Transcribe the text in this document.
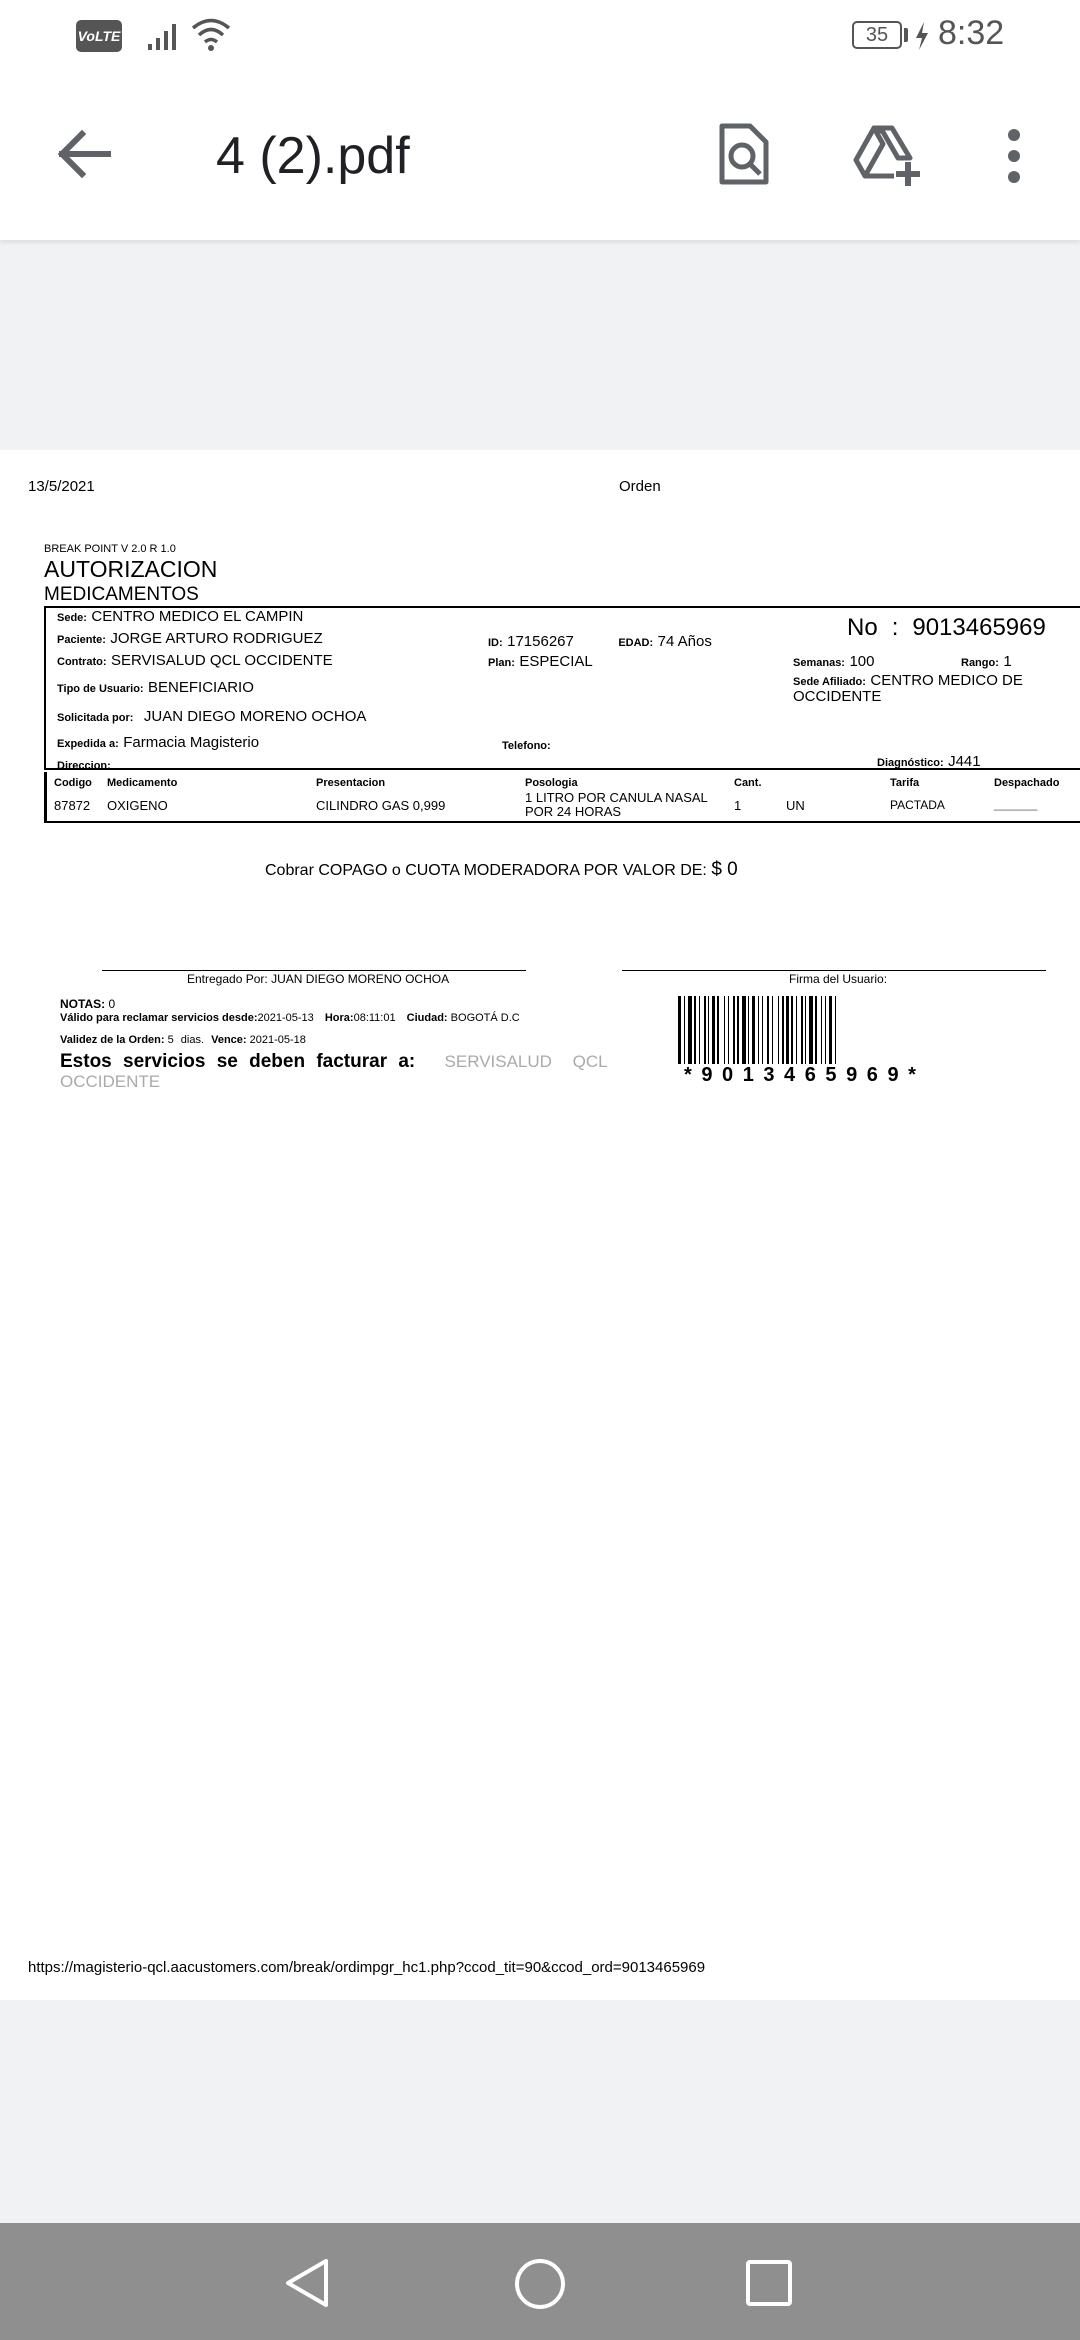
VoLTE	35	8:32
4 (2).pdf
13/5/2021	Orden
BREAK POINT V 2.0 R 1.0
AUTORIZACION
MEDICAMENTOS
Sede: CENTRO MEDICO EL CAMPIN
Paciente: JORGE ARTURO RODRIGUEZ
Contrato: SERVISALUD QCL OCCIDENTE
Tipo de Usuario: BENEFICIARIO
Solicitada por: JUAN DIEGO MORENO OCHOA
Expedida a: Farmacia Magisterio
Direccion:
ID: 17156267	EDAD: 74 Años
Plan: ESPECIAL
Telefono:
No : 9013465969
Semanas: 100	Rango: 1
Sede Afiliado: CENTRO MEDICO DE
OCCIDENTE
Diagnóstico: J441
Codigo Medicamento	Presentacion	Posologia	Cant.	Tarifa	Despachado
87872 OXIGENO	CILINDRO GAS 0,999
1 LITRO POR CANULA NASAL
POR 24 HORAS	1	UN	PACTADA	______
Cobrar COPAGO o CUOTA MODERADORA POR VALOR DE: $ 0
Entregado Por: JUAN DIEGO MORENO OCHOA	Firma del Usuario:
NOTAS: 0
Válido para reclamar servicios desde:2021-05-13 Hora:08:11:01 Ciudad: BOGOTÁ D.C
Validez de la Orden: 5 dias. Vence: 2021-05-18
Estos servicios se deben facturar a: SERVISALUD QCL
OCCIDENTE	* 9 0 1 3 4 6 5 9 6 9 *
https://magisterio-qcl.aacustomers.com/break/ordimpgr_hc1.php?ccod_tit=90&ccod_ord=9013465969
